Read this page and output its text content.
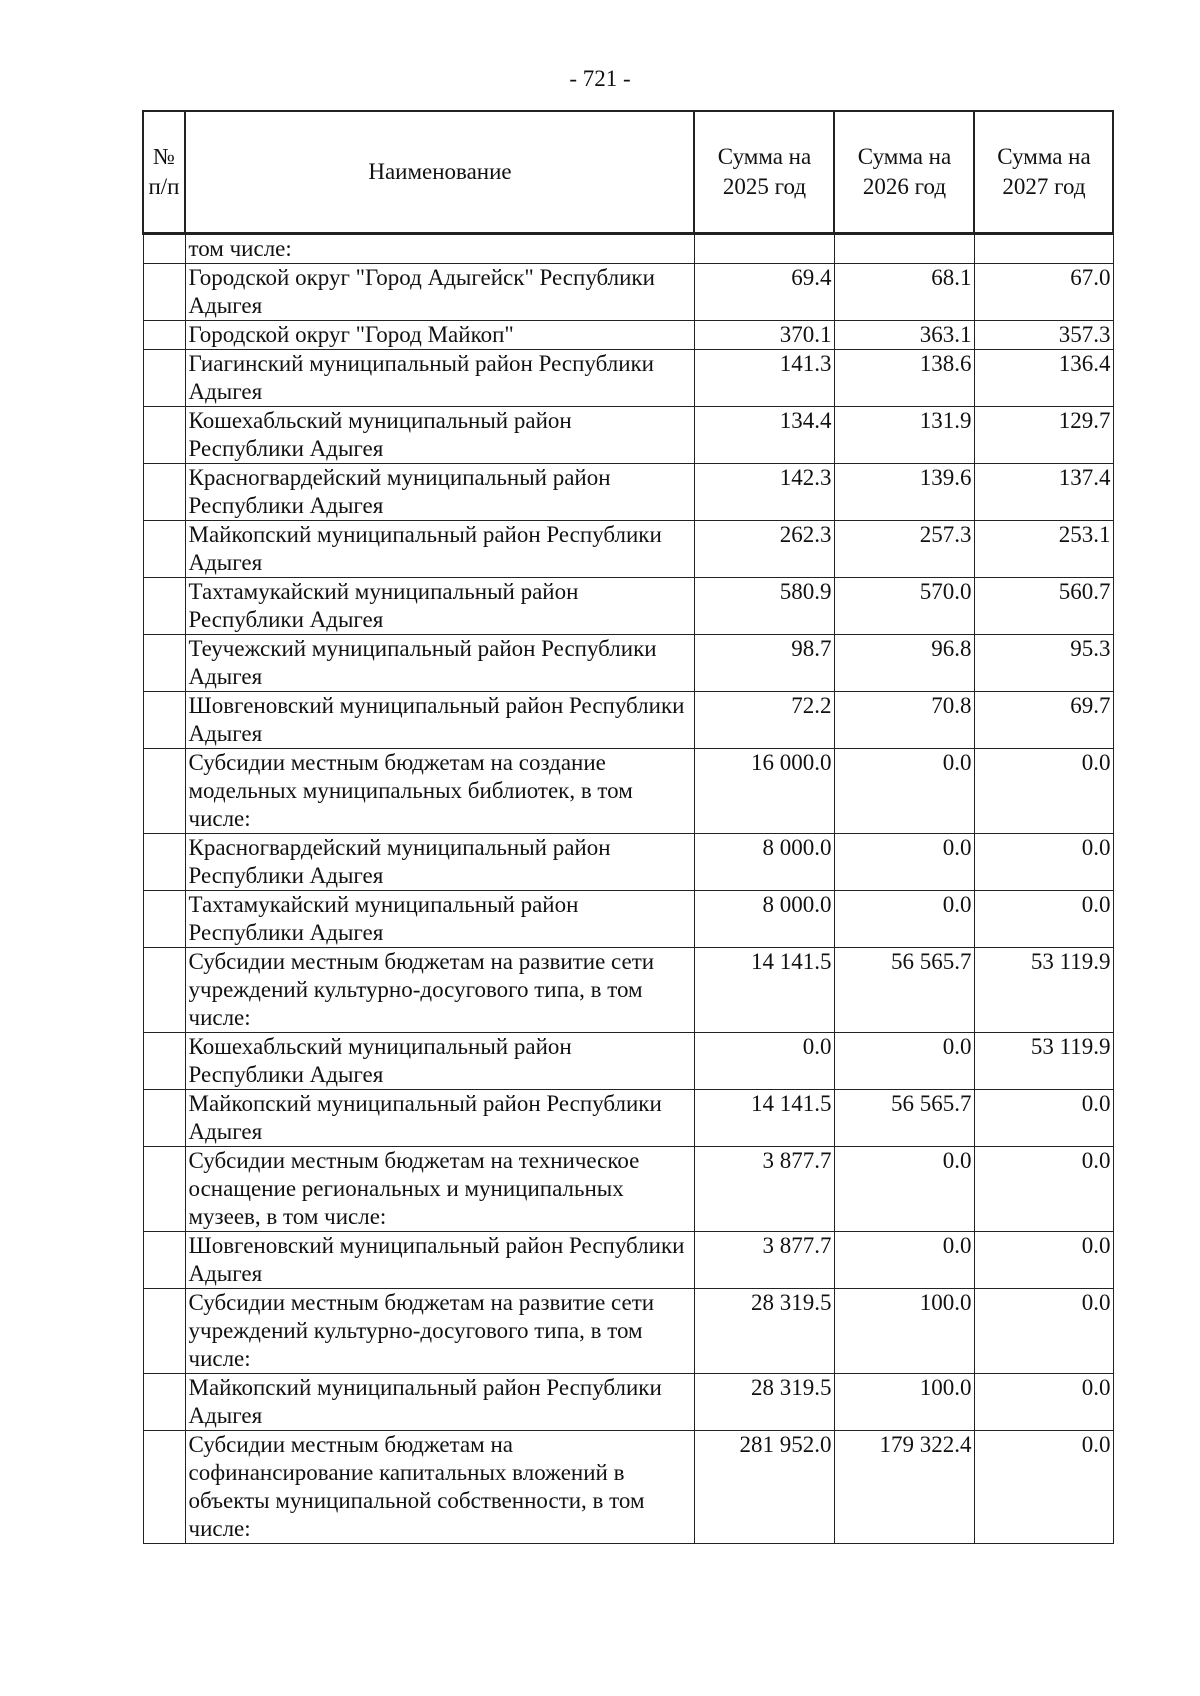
- 721 -
№ п/п	Наименование	Сумма на 2025 год	Сумма на 2026 год	Сумма на 2027 год
	том числе:			
	Городской округ "Город Адыгейск" Республики Адыгея	69.4	68.1	67.0
	Городской округ "Город Майкоп"	370.1	363.1	357.3
	Гиагинский муниципальный район Республики Адыгея	141.3	138.6	136.4
	Кошехабльский муниципальный район Республики Адыгея	134.4	131.9	129.7
	Красногвардейский муниципальный район Республики Адыгея	142.3	139.6	137.4
	Майкопский муниципальный район Республики Адыгея	262.3	257.3	253.1
	Тахтамукайский муниципальный район Республики Адыгея	580.9	570.0	560.7
	Теучежский муниципальный район Республики Адыгея	98.7	96.8	95.3
	Шовгеновский муниципальный район Республики Адыгея	72.2	70.8	69.7
	Субсидии местным бюджетам на создание модельных муниципальных библиотек, в том числе:	16 000.0	0.0	0.0
	Красногвардейский муниципальный район Республики Адыгея	8 000.0	0.0	0.0
	Тахтамукайский муниципальный район Республики Адыгея	8 000.0	0.0	0.0
	Субсидии местным бюджетам на развитие сети учреждений культурно-досугового типа, в том числе:	14 141.5	56 565.7	53 119.9
	Кошехабльский муниципальный район Республики Адыгея	0.0	0.0	53 119.9
	Майкопский муниципальный район Республики Адыгея	14 141.5	56 565.7	0.0
	Субсидии местным бюджетам на техническое оснащение региональных и муниципальных музеев, в том числе:	3 877.7	0.0	0.0
	Шовгеновский муниципальный район Республики Адыгея	3 877.7	0.0	0.0
	Субсидии местным бюджетам на развитие сети учреждений культурно-досугового типа, в том числе:	28 319.5	100.0	0.0
	Майкопский муниципальный район Республики Адыгея	28 319.5	100.0	0.0
	Субсидии местным бюджетам на софинансирование капитальных вложений в объекты муниципальной собственности, в том числе:	281 952.0	179 322.4	0.0
